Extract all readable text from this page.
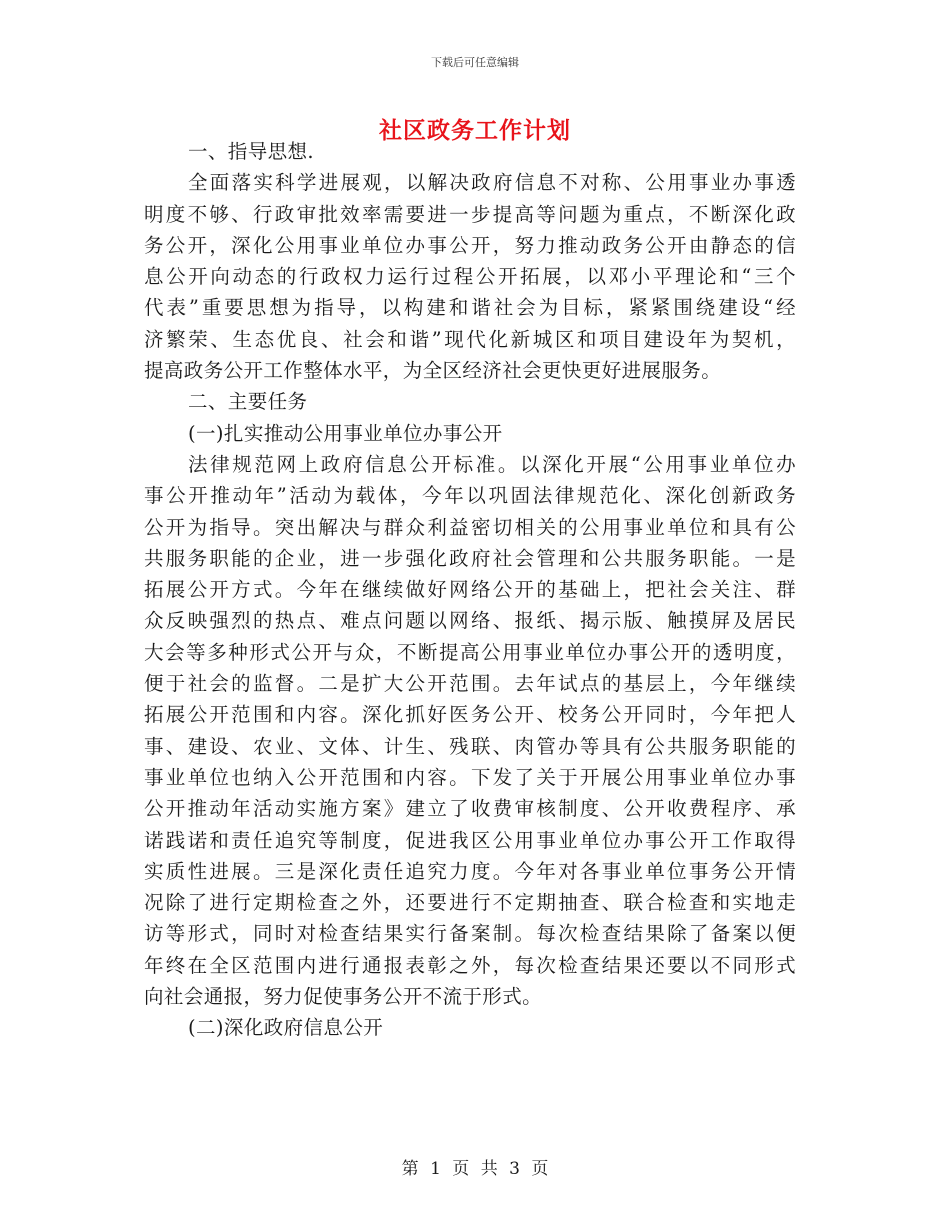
下载后可任意编辑
社区政务工作计划
一、指导思想.
全面落实科学进展观，以解决政府信息不对称、公用事业办事透
明度不够、行政审批效率需要进一步提高等问题为重点，不断深化政
务公开，深化公用事业单位办事公开，努力推动政务公开由静态的信
息公开向动态的行政权力运行过程公开拓展，以邓小平理论和“三个
代表”重要思想为指导，以构建和谐社会为目标，紧紧围绕建设“经
济繁荣、生态优良、社会和谐”现代化新城区和项目建设年为契机，
提高政务公开工作整体水平，为全区经济社会更快更好进展服务。
二、主要任务
(一)扎实推动公用事业单位办事公开
法律规范网上政府信息公开标准。以深化开展“公用事业单位办
事公开推动年”活动为载体，今年以巩固法律规范化、深化创新政务
公开为指导。突出解决与群众利益密切相关的公用事业单位和具有公
共服务职能的企业，进一步强化政府社会管理和公共服务职能。一是
拓展公开方式。今年在继续做好网络公开的基础上，把社会关注、群
众反映强烈的热点、难点问题以网络、报纸、揭示版、触摸屏及居民
大会等多种形式公开与众，不断提高公用事业单位办事公开的透明度，
便于社会的监督。二是扩大公开范围。去年试点的基层上，今年继续
拓展公开范围和内容。深化抓好医务公开、校务公开同时，今年把人
事、建设、农业、文体、计生、残联、肉管办等具有公共服务职能的
事业单位也纳入公开范围和内容。下发了关于开展公用事业单位办事
公开推动年活动实施方案》建立了收费审核制度、公开收费程序、承
诺践诺和责任追究等制度，促进我区公用事业单位办事公开工作取得
实质性进展。三是深化责任追究力度。今年对各事业单位事务公开情
况除了进行定期检查之外，还要进行不定期抽查、联合检查和实地走
访等形式，同时对检查结果实行备案制。每次检查结果除了备案以便
年终在全区范围内进行通报表彰之外，每次检查结果还要以不同形式
向社会通报，努力促使事务公开不流于形式。
(二)深化政府信息公开
第 1 页 共 3 页
